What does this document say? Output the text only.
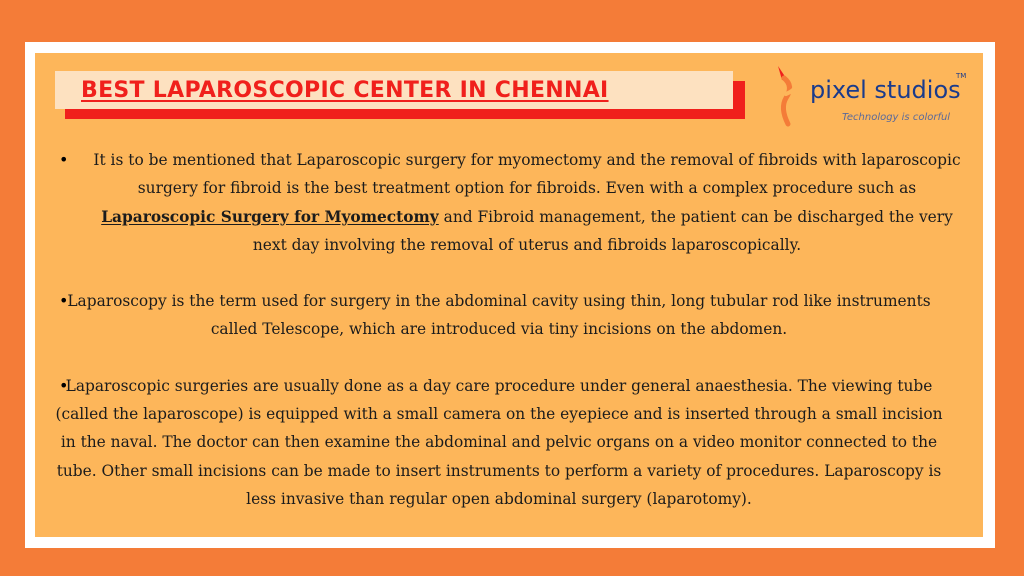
BEST LAPAROSCOPIC CENTER IN CHENNAI	pixel studios
TM
Technology is colorful
•	It is to be mentioned that Laparoscopic surgery for myomectomy and the removal of fibroids with laparoscopic surgery for fibroid is the best treatment option for fibroids. Even with a complex procedure such as Laparoscopic Surgery for Myomectomy and Fibroid management, the patient can be discharged the very next day involving the removal of uterus and fibroids laparoscopically.

•

Laparoscopy is the term used for surgery in the abdominal cavity using thin, long tubular rod like instruments called Telescope, which are introduced via tiny incisions on the abdomen.

•

Laparoscopic surgeries are usually done as a day care procedure under general anaesthesia. The viewing tube (called the laparoscope) is equipped with a small camera on the eyepiece and is inserted through a small incision in the naval. The doctor can then examine the abdominal and pelvic organs on a video monitor connected to the tube. Other small incisions can be made to insert instruments to perform a variety of procedures. Laparoscopy is less invasive than regular open abdominal surgery (laparotomy).
